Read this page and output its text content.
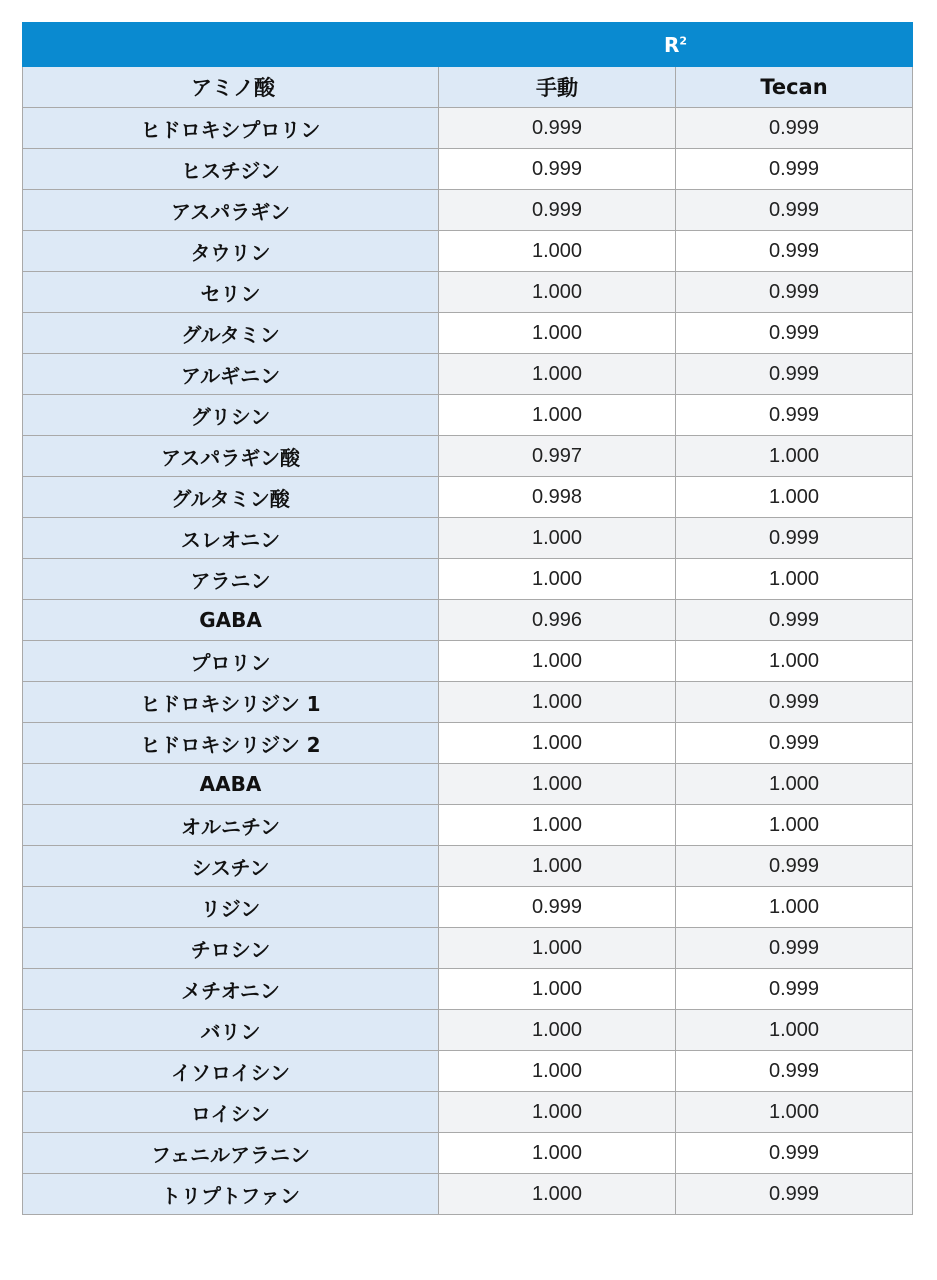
	$R^2$
アミノ酸	手動	Tecan
ヒドロキシプロリン	0.999	0.999
ヒスチジン	0.999	0.999
アスパラギン	0.999	0.999
タウリン	1.000	0.999
セリン	1.000	0.999
グルタミン	1.000	0.999
アルギニン	1.000	0.999
グリシン	1.000	0.999
アスパラギン酸	0.997	1.000
グルタミン酸	0.998	1.000
スレオニン	1.000	0.999
アラニン	1.000	1.000
GABA	0.996	0.999
プロリン	1.000	1.000
ヒドロキシリジン 1	1.000	0.999
ヒドロキシリジン 2	1.000	0.999
AABA	1.000	1.000
オルニチン	1.000	1.000
シスチン	1.000	0.999
リジン	0.999	1.000
チロシン	1.000	0.999
メチオニン	1.000	0.999
バリン	1.000	1.000
イソロイシン	1.000	0.999
ロイシン	1.000	1.000
フェニルアラニン	1.000	0.999
トリプトファン	1.000	0.999
